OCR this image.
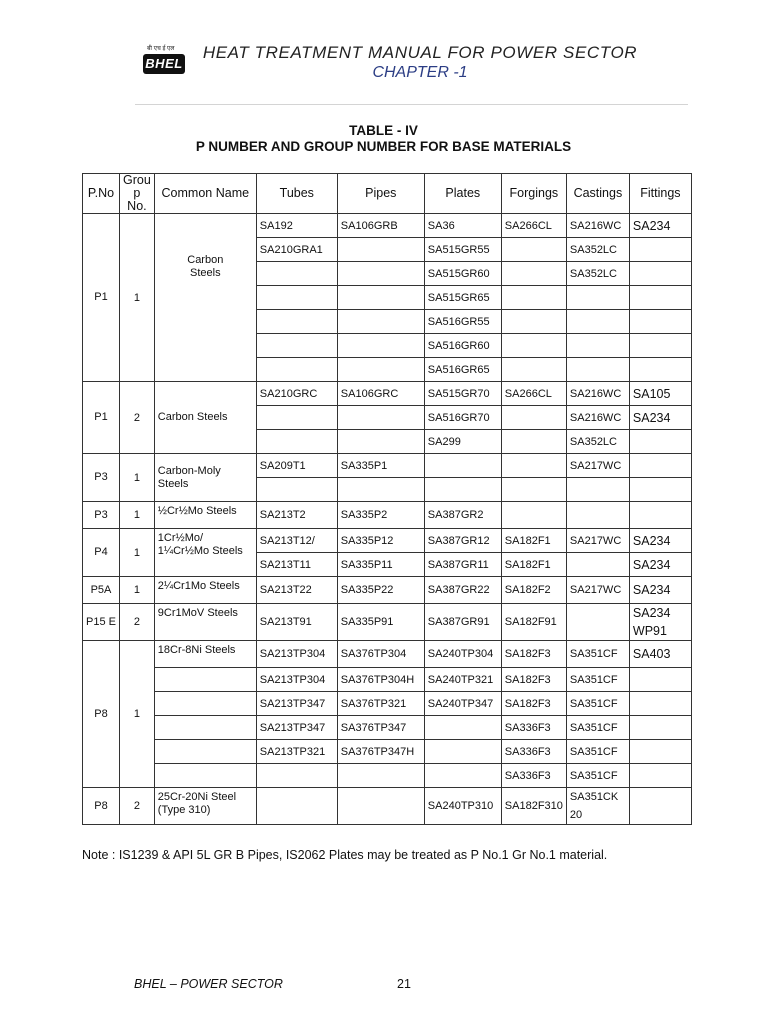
बी एच ई एल
BHEL
HEAT TREATMENT MANUAL FOR POWER SECTOR
CHAPTER -1
TABLE - IV
P NUMBER AND GROUP NUMBER FOR BASE MATERIALS
P.No	Grou p No.	Common Name	Tubes	Pipes	Plates	Forgings	Castings	Fittings
P1	1	Carbon Steels	SA192	SA106GRB	SA36	SA266CL	SA216WC	SA234
			SA210GRA1		SA515GR55		SA352LC	
					SA515GR60		SA352LC	
					SA515GR65			
					SA516GR55			
					SA516GR60			
					SA516GR65			
P1	2	Carbon Steels	SA210GRC	SA106GRC	SA515GR70	SA266CL	SA216WC	SA105
					SA516GR70		SA216WC	SA234
					SA299		SA352LC	
P3	1	Carbon-Moly Steels	SA209T1	SA335P1			SA217WC	

P3	1	½Cr½Mo Steels	SA213T2	SA335P2	SA387GR2			
P4	1	1Cr½Mo/ 1¼Cr½Mo Steels	SA213T12/	SA335P12	SA387GR12	SA182F1	SA217WC	SA234
			SA213T11	SA335P11	SA387GR11	SA182F1		SA234
P5A	1	2¼Cr1Mo Steels	SA213T22	SA335P22	SA387GR22	SA182F2	SA217WC	SA234
P15 E	2	9Cr1MoV Steels	SA213T91	SA335P91	SA387GR91	SA182F91		SA234 WP91
P8	1	18Cr-8Ni Steels	SA213TP304	SA376TP304	SA240TP304	SA182F3	SA351CF	SA403
			SA213TP304	SA376TP304H	SA240TP321	SA182F3	SA351CF	
			SA213TP347	SA376TP321	SA240TP347	SA182F3	SA351CF	
			SA213TP347	SA376TP347		SA336F3	SA351CF	
			SA213TP321	SA376TP347H		SA336F3	SA351CF	
						SA336F3	SA351CF	
P8	2	25Cr-20Ni Steel (Type 310)			SA240TP310	SA182F310	SA351CK 20	
Note : IS1239 & API 5L GR B Pipes, IS2062 Plates may be treated as P No.1 Gr No.1 material.
BHEL – POWER SECTOR	21
